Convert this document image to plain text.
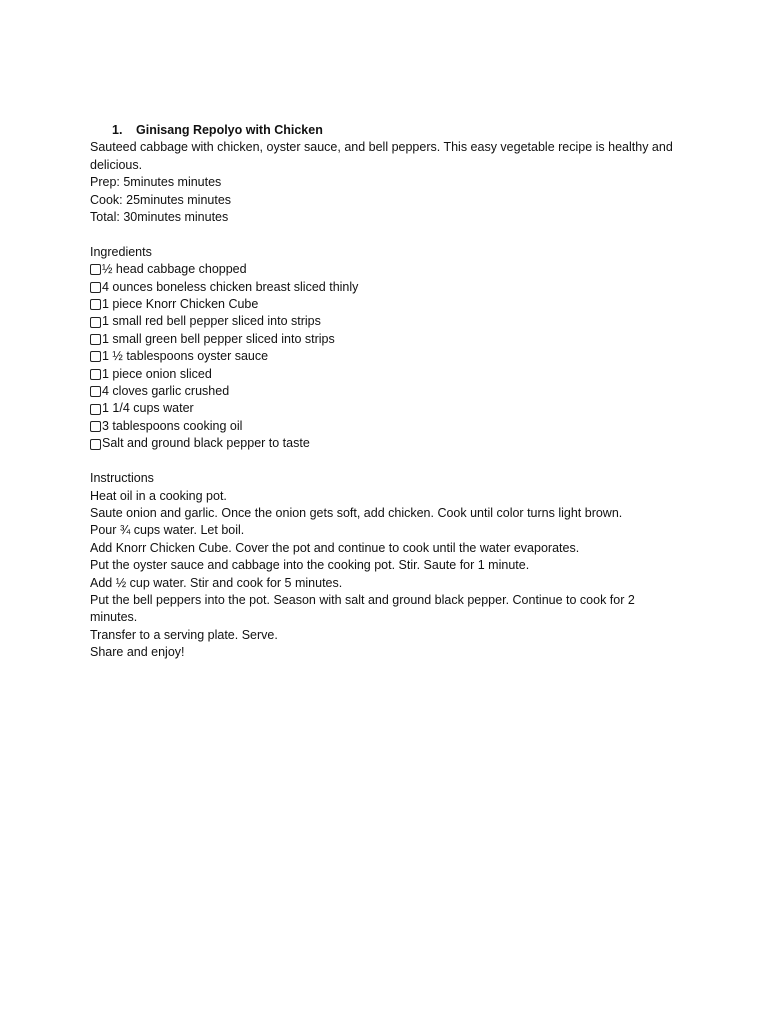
1. Ginisang Repolyo with Chicken
Sauteed cabbage with chicken, oyster sauce, and bell peppers. This easy vegetable recipe is healthy and delicious.
Prep: 5minutes minutes
Cook: 25minutes minutes
Total: 30minutes minutes
Ingredients
½ head cabbage chopped
4 ounces boneless chicken breast sliced thinly
1 piece Knorr Chicken Cube
1 small red bell pepper sliced into strips
1 small green bell pepper sliced into strips
1 ½ tablespoons oyster sauce
1 piece onion sliced
4 cloves garlic crushed
1 1/4 cups water
3 tablespoons cooking oil
Salt and ground black pepper to taste
Instructions
Heat oil in a cooking pot.
Saute onion and garlic. Once the onion gets soft, add chicken. Cook until color turns light brown.
Pour ¾ cups water. Let boil.
Add Knorr Chicken Cube. Cover the pot and continue to cook until the water evaporates.
Put the oyster sauce and cabbage into the cooking pot. Stir. Saute for 1 minute.
Add ½ cup water. Stir and cook for 5 minutes.
Put the bell peppers into the pot. Season with salt and ground black pepper. Continue to cook for 2 minutes.
Transfer to a serving plate. Serve.
Share and enjoy!
